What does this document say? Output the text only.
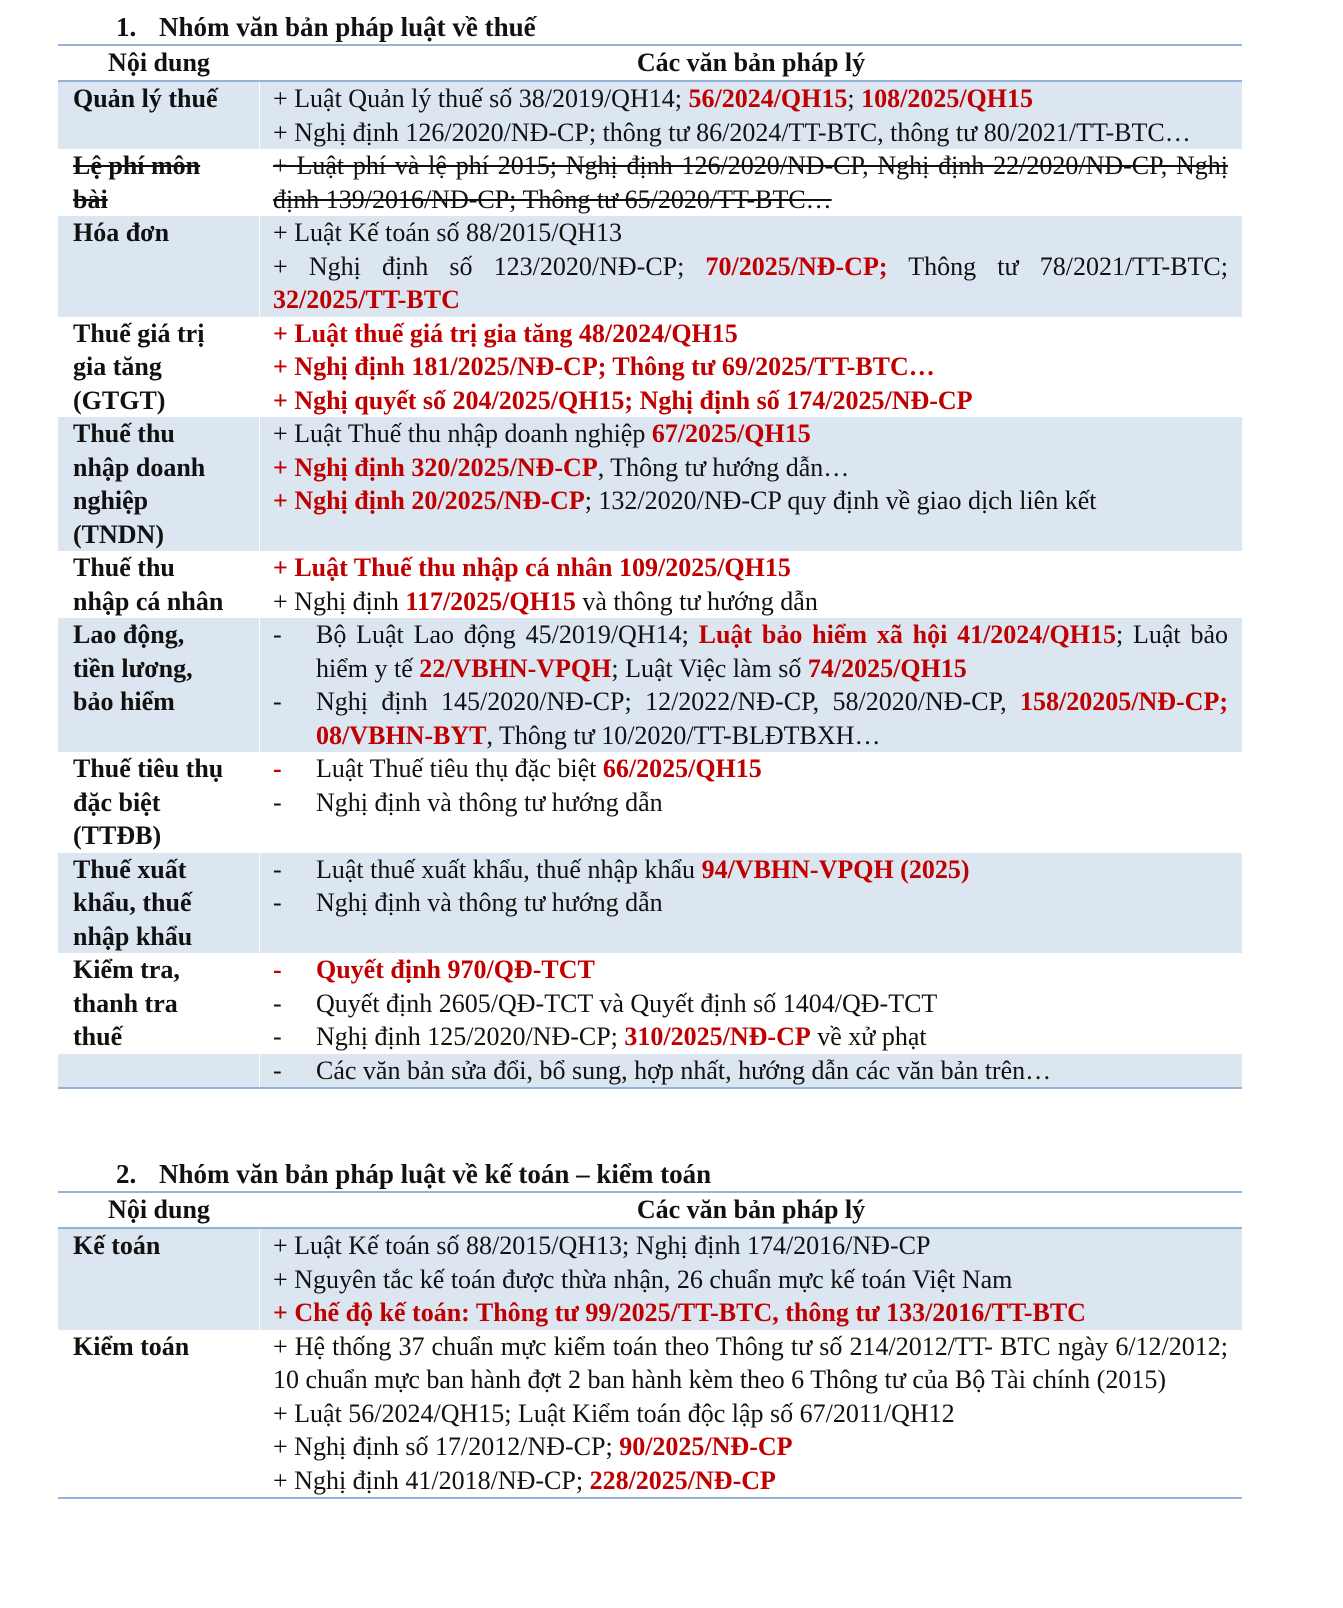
1. Nhóm văn bản pháp luật về thuế
Nội dung	Các văn bản pháp lý
Quản lý thuế	+ Luật Quản lý thuế số 38/2019/QH14; 56/2024/QH15; 108/2025/QH15
+ Nghị định 126/2020/NĐ-CP; thông tư 86/2024/TT-BTC, thông tư 80/2021/TT-BTC…
Lệ phí môn
bài
+ Luật phí và lệ phí 2015; Nghị định 126/2020/NĐ-CP, Nghị định 22/2020/NĐ-CP, Nghị định 139/2016/NĐ-CP; Thông tư 65/2020/TT-BTC…
Hóa đơn	+ Luật Kế toán số 88/2015/QH13
+ Nghị định số 123/2020/NĐ-CP; 70/2025/NĐ-CP; Thông tư 78/2021/TT-BTC; 32/2025/TT-BTC
Thuế giá trị
gia tăng
(GTGT)
+ Luật thuế giá trị gia tăng 48/2024/QH15
+ Nghị định 181/2025/NĐ-CP; Thông tư 69/2025/TT-BTC…
+ Nghị quyết số 204/2025/QH15; Nghị định số 174/2025/NĐ-CP
Thuế thu
nhập doanh
nghiệp
(TNDN)
+ Luật Thuế thu nhập doanh nghiệp 67/2025/QH15
+ Nghị định 320/2025/NĐ-CP, Thông tư hướng dẫn…
+ Nghị định 20/2025/NĐ-CP; 132/2020/NĐ-CP quy định về giao dịch liên kết
Thuế thu
nhập cá nhân
+ Luật Thuế thu nhập cá nhân 109/2025/QH15
+ Nghị định 117/2025/QH15 và thông tư hướng dẫn
Lao động,
tiền lương,
bảo hiểm
-	Bộ Luật Lao động 45/2019/QH14; Luật bảo hiểm xã hội 41/2024/QH15; Luật bảo hiểm y tế 22/VBHN-VPQH; Luật Việc làm số 74/2025/QH15
-	Nghị định 145/2020/NĐ-CP; 12/2022/NĐ-CP, 58/2020/NĐ-CP, 158/20205/NĐ-CP; 08/VBHN-BYT, Thông tư 10/2020/TT-BLĐTBXH…
Thuế tiêu thụ
đặc biệt
(TTĐB)
-	Luật Thuế tiêu thụ đặc biệt 66/2025/QH15
-	Nghị định và thông tư hướng dẫn
Thuế xuất
khẩu, thuế
nhập khẩu
-	Luật thuế xuất khẩu, thuế nhập khẩu 94/VBHN-VPQH (2025)
-	Nghị định và thông tư hướng dẫn
Kiểm tra,
thanh tra
thuế
-	Quyết định 970/QĐ-TCT
-	Quyết định 2605/QĐ-TCT và Quyết định số 1404/QĐ-TCT
-	Nghị định 125/2020/NĐ-CP; 310/2025/NĐ-CP về xử phạt
-	Các văn bản sửa đổi, bổ sung, hợp nhất, hướng dẫn các văn bản trên…
2. Nhóm văn bản pháp luật về kế toán – kiểm toán
Nội dung	Các văn bản pháp lý
Kế toán	+ Luật Kế toán số 88/2015/QH13; Nghị định 174/2016/NĐ-CP
+ Nguyên tắc kế toán được thừa nhận, 26 chuẩn mực kế toán Việt Nam
+ Chế độ kế toán: Thông tư 99/2025/TT-BTC, thông tư 133/2016/TT-BTC
Kiểm toán	+ Hệ thống 37 chuẩn mực kiểm toán theo Thông tư số 214/2012/TT- BTC ngày 6/12/2012; 10 chuẩn mực ban hành đợt 2 ban hành kèm theo 6 Thông tư của Bộ Tài chính (2015)
+ Luật 56/2024/QH15; Luật Kiểm toán độc lập số 67/2011/QH12
+ Nghị định số 17/2012/NĐ-CP; 90/2025/NĐ-CP
+ Nghị định 41/2018/NĐ-CP; 228/2025/NĐ-CP
